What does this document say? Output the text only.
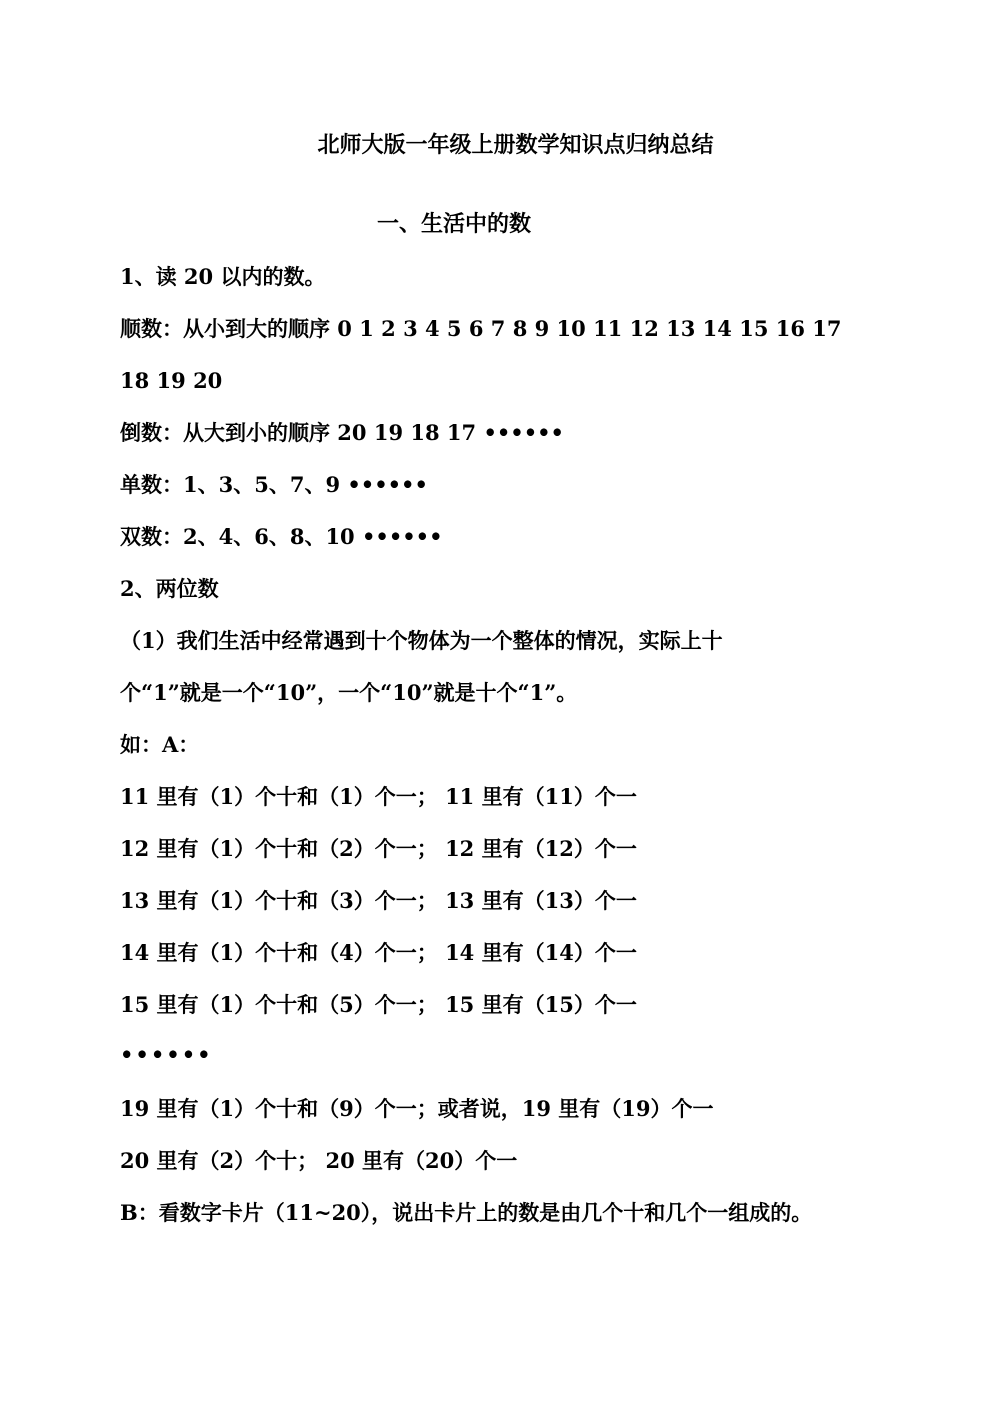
北师大版一年级上册数学知识点归纳总结
一、生活中的数
1、读 20 以内的数。
顺数：从小到大的顺序 0 1 2 3 4 5 6 7 8 9 10 11 12 13 14 15 16 17
18 19 20
倒数：从大到小的顺序 20 19 18 17 ••••••
单数：1、3、5、7、9 ••••••
双数：2、4、6、8、10 ••••••
2、两位数
（1）我们生活中经常遇到十个物体为一个整体的情况，实际上十
个“1”就是一个“10”，一个“10”就是十个“1”。
如：A：
11 里有（1）个十和（1）个一； 11 里有（11）个一
12 里有（1）个十和（2）个一； 12 里有（12）个一
13 里有（1）个十和（3）个一； 13 里有（13）个一
14 里有（1）个十和（4）个一； 14 里有（14）个一
15 里有（1）个十和（5）个一； 15 里有（15）个一
••••••
19 里有（1）个十和（9）个一；或者说，19 里有（19）个一
20 里有（2）个十； 20 里有（20）个一
B：看数字卡片（11~20），说出卡片上的数是由几个十和几个一组成的。
